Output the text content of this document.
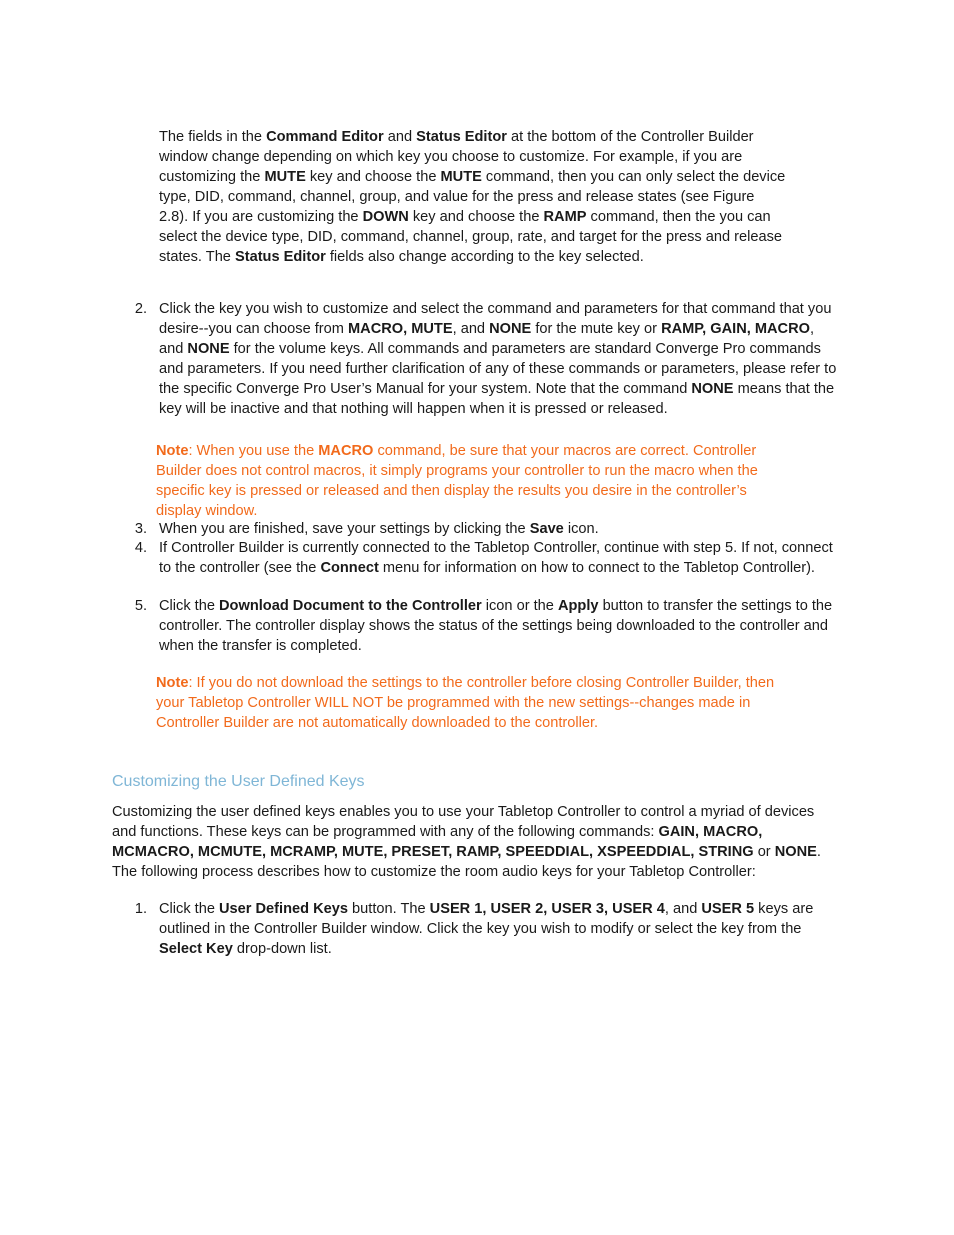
The fields in the Command Editor and Status Editor at the bottom of the Controller Builder window change depending on which key you choose to customize. For example, if you are customizing the MUTE key and choose the MUTE command, then you can only select the device type, DID, command, channel, group, and value for the press and release states (see Figure 2.8). If you are customizing the DOWN key and choose the RAMP command, then the you can select the device type, DID, command, channel, group, rate, and target for the press and release states. The Status Editor fields also change according to the key selected.

2. Click the key you wish to customize and select the command and parameters for that command that you desire--you can choose from MACRO, MUTE, and NONE for the mute key or RAMP, GAIN, MACRO, and NONE for the volume keys. All commands and parameters are standard Converge Pro commands and parameters. If you need further clarification of any of these commands or parameters, please refer to the specific Converge Pro User’s Manual for your system. Note that the command NONE means that the key will be inactive and that nothing will happen when it is pressed or released.

Note: When you use the MACRO command, be sure that your macros are correct. Controller Builder does not control macros, it simply programs your controller to run the macro when the specific key is pressed or released and then display the results you desire in the controller’s display window.

3. When you are finished, save your settings by clicking the Save icon.

4. If Controller Builder is currently connected to the Tabletop Controller, continue with step 5. If not, connect to the controller (see the Connect menu for information on how to connect to the Tabletop Controller).

5. Click the Download Document to the Controller icon or the Apply button to transfer the settings to the controller. The controller display shows the status of the settings being downloaded to the controller and when the transfer is completed.

Note: If you do not download the settings to the controller before closing Controller Builder, then your Tabletop Controller WILL NOT be programmed with the new settings--changes made in Controller Builder are not automatically downloaded to the controller.

Customizing the User Defined Keys

Customizing the user defined keys enables you to use your Tabletop Controller to control a myriad of devices and functions. These keys can be programmed with any of the following commands: GAIN, MACRO, MCMACRO, MCMUTE, MCRAMP, MUTE, PRESET, RAMP, SPEEDDIAL, XSPEEDDIAL, STRING or NONE. The following process describes how to customize the room audio keys for your Tabletop Controller:

1. Click the User Defined Keys button. The USER 1, USER 2, USER 3, USER 4, and USER 5 keys are outlined in the Controller Builder window. Click the key you wish to modify or select the key from the Select Key drop-down list.
